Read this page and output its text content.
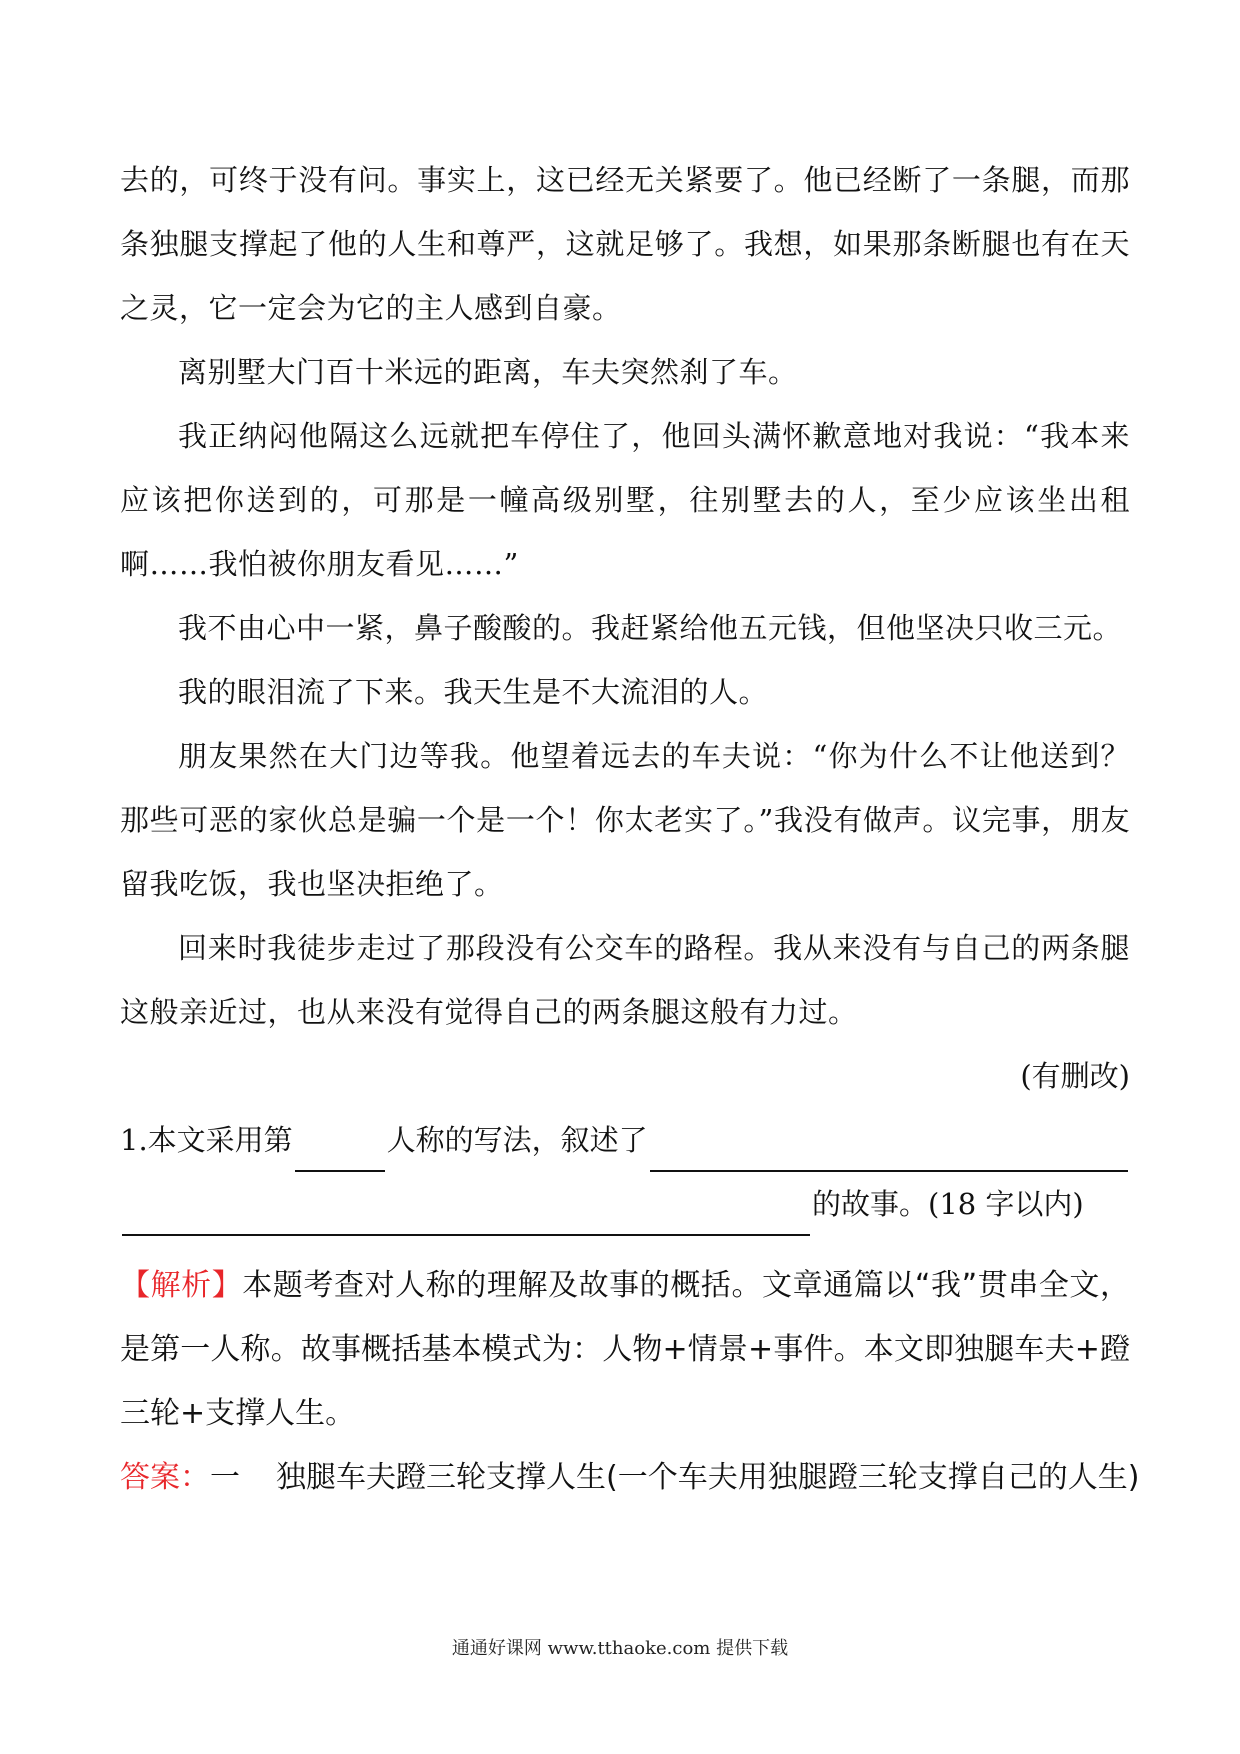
去的，可终于没有问。事实上，这已经无关紧要了。他已经断了一条腿，而那条独腿支撑起了他的人生和尊严，这就足够了。我想，如果那条断腿也有在天之灵，它一定会为它的主人感到自豪。

离别墅大门百十米远的距离，车夫突然刹了车。

我正纳闷他隔这么远就把车停住了，他回头满怀歉意地对我说：“我本来应该把你送到的，可那是一幢高级别墅，往别墅去的人，至少应该坐出租啊……我怕被你朋友看见……”

我不由心中一紧，鼻子酸酸的。我赶紧给他五元钱，但他坚决只收三元。

我的眼泪流了下来。我天生是不大流泪的人。

朋友果然在大门边等我。他望着远去的车夫说：“你为什么不让他送到？那些可恶的家伙总是骗一个是一个！你太老实了。”我没有做声。议完事，朋友留我吃饭，我也坚决拒绝了。

回来时我徒步走过了那段没有公交车的路程。我从来没有与自己的两条腿这般亲近过，也从来没有觉得自己的两条腿这般有力过。

(有删改)

1.本文采用第	人称的写法，叙述了
的故事。(18 字以内)

【解析】本题考查对人称的理解及故事的概括。文章通篇以“我”贯串全文，是第一人称。故事概括基本模式为：人物+情景+事件。本文即独腿车夫+蹬三轮+支撑人生。

答案：一 独腿车夫蹬三轮支撑人生(一个车夫用独腿蹬三轮支撑自己的人生)

通通好课网 www.tthaoke.com 提供下载
